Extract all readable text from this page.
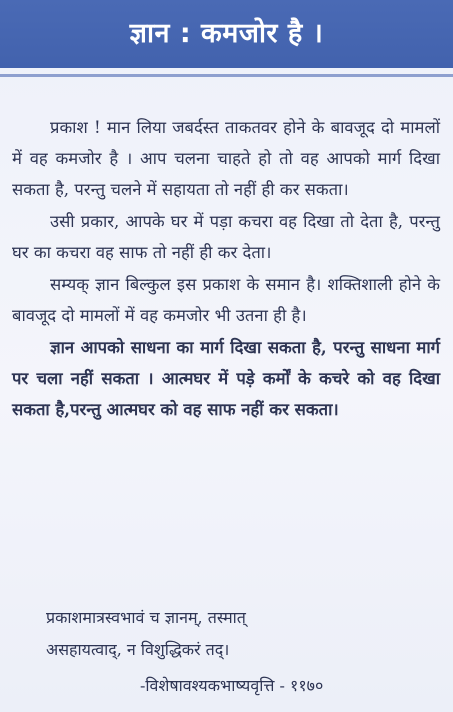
ज्ञान : कमजोर है ।

प्रकाश ! मान लिया जबर्दस्त ताकतवर होने के बावजूद दो मामलों में वह कमजोर है । आप चलना चाहते हो तो वह आपको मार्ग दिखा सकता है, परन्तु चलने में सहायता तो नहीं ही कर सकता।

उसी प्रकार, आपके घर में पड़ा कचरा वह दिखा तो देता है, परन्तु घर का कचरा वह साफ तो नहीं ही कर देता।

सम्यक् ज्ञान बिल्कुल इस प्रकाश के समान है। शक्तिशाली होने के बावजूद दो मामलों में वह कमजोर भी उतना ही है।

ज्ञान आपको साधना का मार्ग दिखा सकता है, परन्तु साधना मार्ग पर चला नहीं सकता । आत्मघर में पड़े कर्मों के कचरे को वह दिखा सकता है,परन्तु आत्मघर को वह साफ नहीं कर सकता।

प्रकाशमात्रस्वभावं च ज्ञानम्, तस्मात्
असहायत्वाद्, न विशुद्धिकरं तद्।
-विशेषावश्यकभाष्यवृत्ति - ११७०
